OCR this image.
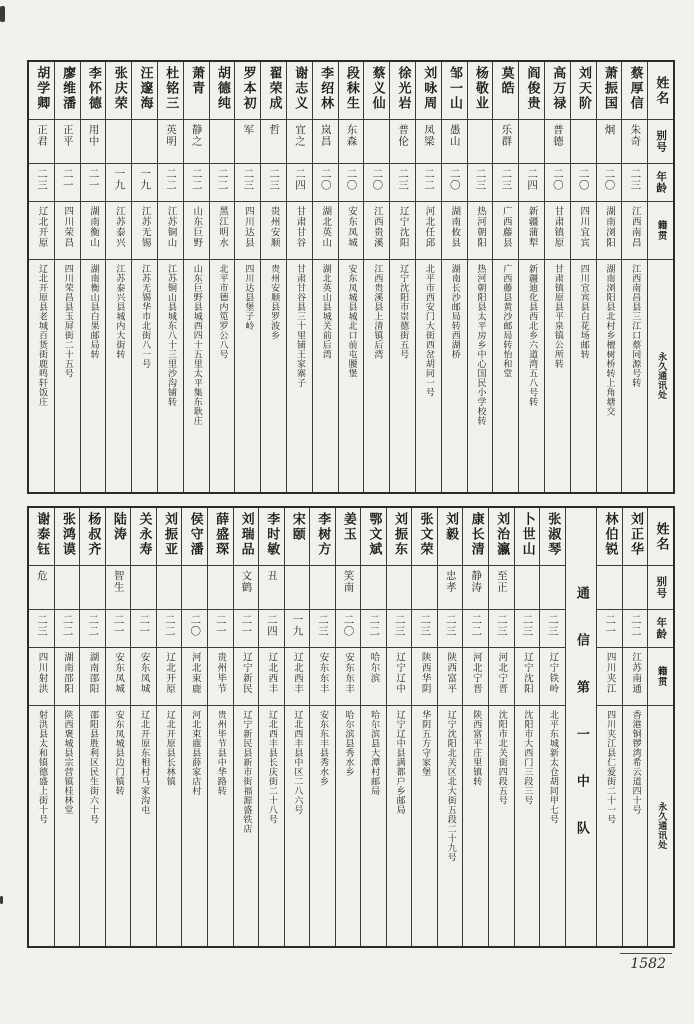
姓名
别号
年龄
籍贯
永久通讯处
蔡厚信
朱奇
二三
江西南昌
江西南昌县三江口蔡同源号转
萧振国
炯
二〇
湖南浏阳
湖南浏阳县北村乡檀树桥转上角塘交
刘天阶
二〇
四川宜宾
四川宜宾县白花场邮转
高万禄
普德
二〇
甘肃镇原
甘肃镇原县平泉镇公所转
阎俊贵
二四
新疆蒲犁
新疆迪化县西北乡六道湾五八号转
莫皓
乐群
二三
广西藤县
广西藤县黄沙邮局转怡和堂
杨敬业
二三
热河朝阳
热河朝阳县太平房乡中心国民小学校转
邹一山
愚山
二〇
湖南攸县
湖南长沙邮局转西湖桥
刘咏周
凤梁
二二
河北任邱
北平市西安门大街西岔胡同一号
徐光岩
普伦
二三
辽宁沈阳
辽宁沈阳市崇德街五号
蔡义仙
二〇
江西贵溪
江西贵溪县上清镇后湾
段秣生
东森
二〇
安东凤城
安东凤城县城北口前屯腰堡
李绍林
岚昌
二〇
湖北英山
湖北英山县城关前后湾
谢志义
宜之
二四
甘肃甘谷
甘肃甘谷县三十里铺王家寨子
翟荣成
哲
二三
贵州安顺
贵州安顺县罗波乡
罗本初
军
二三
四川达县
四川达县堡子岭
胡德纯
二二
黑江明水
北平市德内笕罗公八号
萧青
静之
二二
山东巨野
山东巨野县城西四十五里太平集东耿庄
杜铭三
英明
二二
江苏铜山
江苏铜山县城东八十三里沙沟铺转
汪邃海
一九
江苏无锡
江苏无锡华市北街八一号
张庆荣
一九
江苏泰兴
江苏泰兴县城内大街转
李怀德
用中
二一
湖南衡山
湖南衡山县白果邮局转
廖维潘
正平
二一
四川荣昌
四川荣昌县玉屏街二十五号
胡学卿
正君
二三
辽北开原
辽北开原县老城百货街鹿鸣轩饭庄
姓名
别号
年龄
籍贯
永久通讯处
刘正华
二二
江苏南通
香港铜锣湾希云道四十号
林伯锐
二一
四川夹江
四川夹江县仁爱街二十一号
通信第一中队
张淑琴
二三
辽宁铁岭
北平东城新太仓胡同甲七号
卜世山
二三
辽宁沈阳
沈阳市大西门三段三号
刘治瀛
至正
二三
河北宁晋
沈阳市北关街四段五号
康长清
静涛
二二
河北宁晋
陕西富平庄里镇转
刘毅
忠孝
二三
陕西富平
辽宁沈阳北关区北大街五段二十九号
张文荣
二三
陕西华阴
华阴五方守家堡
刘振东
二三
辽宁辽中
辽宁辽中县满都户乡邮局
鄂文斌
二二
哈尔滨
哈尔滨县大潭村邮局
姜玉
笑南
二〇
安东东丰
哈尔滨县秀水乡
李树方
二三
安东东丰
安东东丰县秀水乡
宋颐
一九
辽北西丰
辽北西丰县中区二八六号
李时敏
丑
二四
辽北西丰
辽北西丰县长庆街二十八号
刘瑞品
文鹤
二一
辽宁新民
辽宁新民县新市街福源盛铁店
薛盛琛
二一
贵州毕节
贵州毕节县中华路转
侯守潘
二〇
河北束鹿
河北束鹿县薛家店村
刘振亚
二二
辽北开原
辽北开原县长林镇
关永寿
二一
安东凤城
辽北开原东相村马家沟屯
陆涛
智生
二一
安东凤城
安东凤城县边门镇转
杨叔齐
二二
湖南邵阳
邵阳县胜利区民生街六十号
张鸿谟
二二
湖南邵阳
陕西褒城县宗营镇桂林堂
谢泰钰
危
二三
四川射洪
射洪县太和镇德盛上街十号
1582
